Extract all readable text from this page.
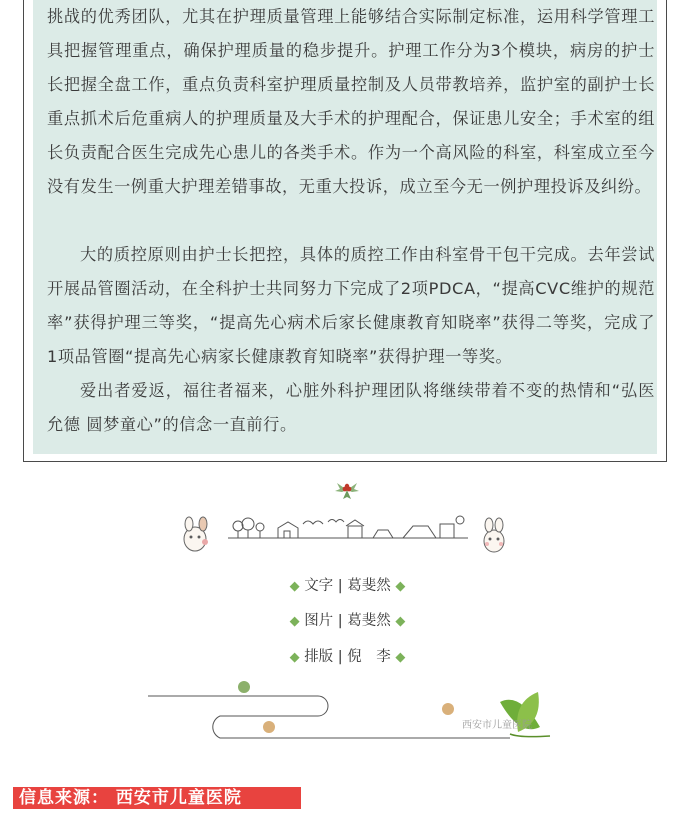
挑战的优秀团队，尤其在护理质量管理上能够结合实际制定标准，运用科学管理工具把握管理重点，确保护理质量的稳步提升。护理工作分为3个模块，病房的护士长把握全盘工作，重点负责科室护理质量控制及人员带教培养，监护室的副护士长重点抓术后危重病人的护理质量及大手术的护理配合，保证患儿安全；手术室的组长负责配合医生完成先心患儿的各类手术。作为一个高风险的科室，科室成立至今没有发生一例重大护理差错事故，无重大投诉，成立至今无一例护理投诉及纠纷。

大的质控原则由护士长把控，具体的质控工作由科室骨干包干完成。去年尝试开展品管圈活动，在全科护士共同努力下完成了2项PDCA，“提高CVC维护的规范率”获得护理三等奖，“提高先心病术后家长健康教育知晓率”获得二等奖，完成了1项品管圈“提高先心病家长健康教育知晓率”获得护理一等奖。

爱出者爱返，福往者福来，心脏外科护理团队将继续带着不变的热情和“弘医允德 圆梦童心”的信念一直前行。

◆ 文字 | 葛斐然 ◆
◆ 图片 | 葛斐然 ◆
◆ 排版 | 倪　李 ◆
西安市儿童医院
信息来源： 西安市儿童医院
